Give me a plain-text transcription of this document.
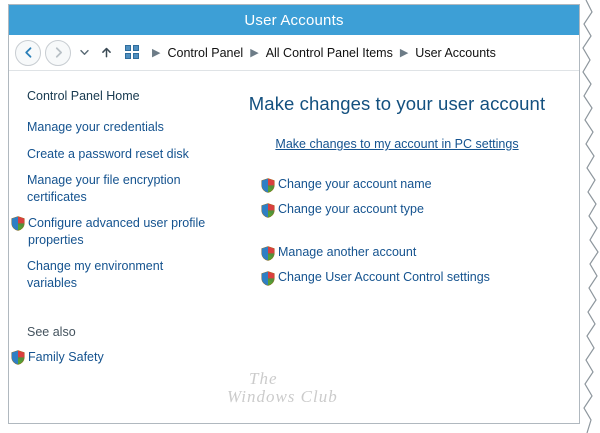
User Accounts
▶ Control Panel ▶ All Control Panel Items ▶ User Accounts
Control Panel Home
Manage your credentials
Create a password reset disk
Manage your file encryption certificates
Configure advanced user profile properties
Change my environment variables
See also
Family Safety
Make changes to your user account
Make changes to my account in PC settings
Change your account name
Change your account type
Manage another account
Change User Account Control settings
The
Windows Club
